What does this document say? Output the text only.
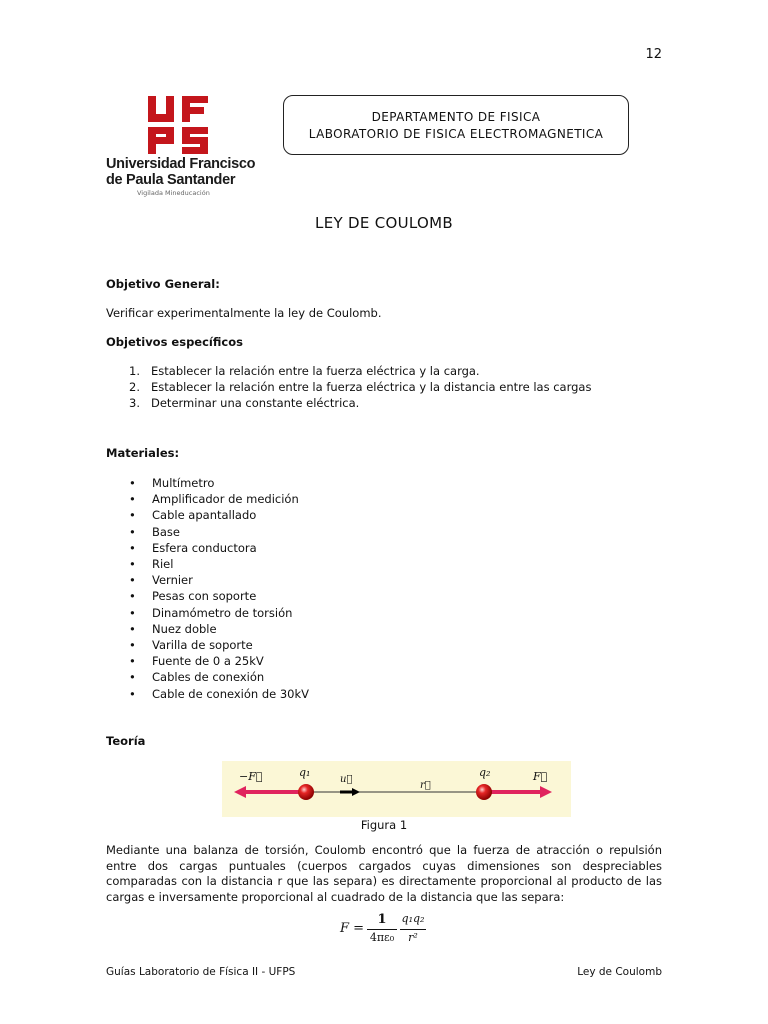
12
Universidad Francisco
de Paula Santander
Vigilada Mineducación
DEPARTAMENTO DE FISICA
LABORATORIO DE FISICA ELECTROMAGNETICA
LEY DE COULOMB
Objetivo General:
Verificar experimentalmente la ley de Coulomb.
Objetivos específicos
1. Establecer la relación entre la fuerza eléctrica y la carga.
2. Establecer la relación entre la fuerza eléctrica y la distancia entre las cargas
3. Determinar una constante eléctrica.
Materiales:
• Multímetro
• Amplificador de medición
• Cable apantallado
• Base
• Esfera conductora
• Riel
• Vernier
• Pesas con soporte
• Dinamómetro de torsión
• Nuez doble
• Varilla de soporte
• Fuente de 0 a 25kV
• Cables de conexión
• Cable de conexión de 30kV
Teoría
−F⃗	q₁
u⃗
r⃗
q₂	F⃗
Figura 1
Mediante una balanza de torsión, Coulomb encontró que la fuerza de atracción o repulsión entre dos cargas puntuales (cuerpos cargados cuyas dimensiones son despreciables comparadas con la distancia r que las separa) es directamente proporcional al producto de las cargas e inversamente proporcional al cuadrado de la distancia que las separa:
F =
1
4πε₀
q₁q₂
r²
Guías Laboratorio de Física II - UFPS	Ley de Coulomb
